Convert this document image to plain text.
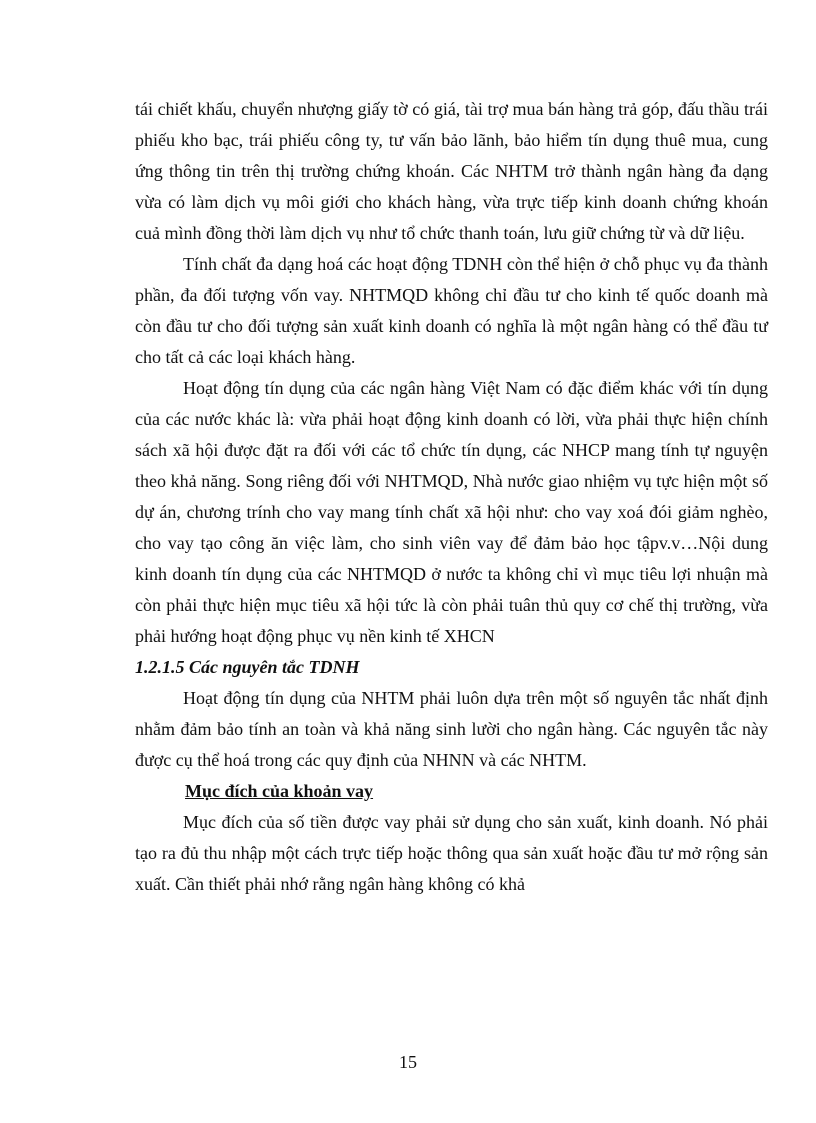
tái chiết khấu, chuyển nhượng giấy tờ có giá, tài trợ mua bán hàng trả góp, đấu thầu trái phiếu kho bạc, trái phiếu công ty, tư vấn bảo lãnh, bảo hiểm tín dụng thuê mua, cung ứng thông tin trên thị trường chứng khoán. Các NHTM trở thành ngân hàng đa dạng vừa có làm dịch vụ môi giới cho khách hàng, vừa trực tiếp kinh doanh chứng khoán cuả mình đồng thời làm dịch vụ như tổ chức thanh toán, lưu giữ chứng từ và dữ liệu.

Tính chất đa dạng hoá các hoạt động TDNH còn thể hiện ở chỗ phục vụ đa thành phần, đa đối tượng vốn vay. NHTMQD không chỉ đầu tư cho kinh tế quốc doanh mà còn đầu tư cho đối tượng sản xuất kinh doanh có nghĩa là một ngân hàng có thể đầu tư cho tất cả các loại khách hàng.

Hoạt động tín dụng của các ngân hàng Việt Nam có đặc điểm khác với tín dụng của các nước khác là: vừa phải hoạt động kinh doanh có lời, vừa phải thực hiện chính sách xã hội được đặt ra đối với các tổ chức tín dụng, các NHCP mang tính tự nguyện theo khả năng. Song riêng đối với NHTMQD, Nhà nước giao nhiệm vụ tực hiện một số dự án, chương trính cho vay mang tính chất xã hội như: cho vay xoá đói giảm nghèo, cho vay tạo công ăn việc làm, cho sinh viên vay để đảm bảo học tậpv.v…Nội dung kinh doanh tín dụng của các NHTMQD ở nước ta không chỉ vì mục tiêu lợi nhuận mà còn phải thực hiện mục tiêu xã hội tức là còn phải tuân thủ quy cơ chế thị trường, vừa phải hướng hoạt động phục vụ nền kinh tế XHCN

1.2.1.5 Các nguyên tắc TDNH

Hoạt động tín dụng của NHTM phải luôn dựa trên một số nguyên tắc nhất định nhằm đảm bảo tính an toàn và khả năng sinh lười cho ngân hàng. Các nguyên tắc này được cụ thể hoá trong các quy định của NHNN và các NHTM.

Mục đích của khoản vay

Mục đích của số tiền được vay phải sử dụng cho sản xuất, kinh doanh. Nó phải tạo ra đủ thu nhập một cách trực tiếp hoặc thông qua sản xuất hoặc đầu tư mở rộng sản xuất. Cần thiết phải nhớ rằng ngân hàng không có khả

15
